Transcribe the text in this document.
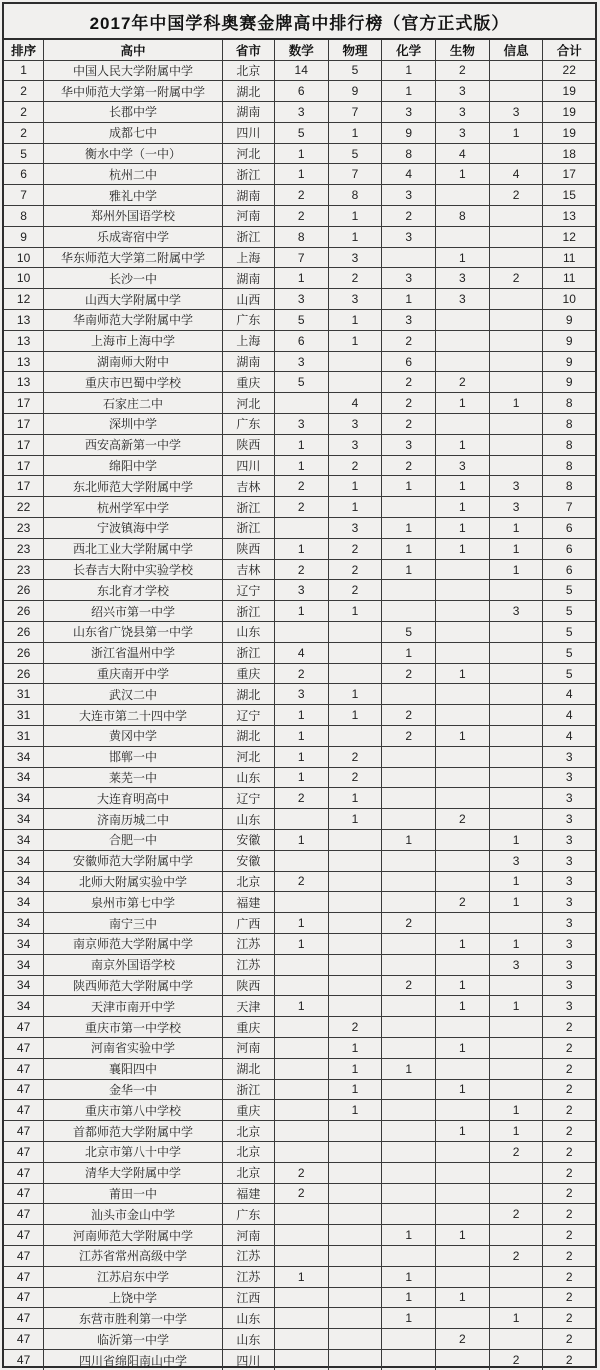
2017年中国学科奥赛金牌高中排行榜（官方正式版）
排序	高中	省市	数学	物理	化学	生物	信息	合计
1	中国人民大学附属中学	北京	14	5	1	2		22
2	华中师范大学第一附属中学	湖北	6	9	1	3		19
2	长郡中学	湖南	3	7	3	3	3	19
2	成都七中	四川	5	1	9	3	1	19
5	衡水中学（一中）	河北	1	5	8	4		18
6	杭州二中	浙江	1	7	4	1	4	17
7	雅礼中学	湖南	2	8	3		2	15
8	郑州外国语学校	河南	2	1	2	8		13
9	乐成寄宿中学	浙江	8	1	3			12
10	华东师范大学第二附属中学	上海	7	3		1		11
10	长沙一中	湖南	1	2	3	3	2	11
12	山西大学附属中学	山西	3	3	1	3		10
13	华南师范大学附属中学	广东	5	1	3			9
13	上海市上海中学	上海	6	1	2			9
13	湖南师大附中	湖南	3		6			9
13	重庆市巴蜀中学校	重庆	5		2	2		9
17	石家庄二中	河北		4	2	1	1	8
17	深圳中学	广东	3	3	2			8
17	西安高新第一中学	陕西	1	3	3	1		8
17	绵阳中学	四川	1	2	2	3		8
17	东北师范大学附属中学	吉林	2	1	1	1	3	8
22	杭州学军中学	浙江	2	1		1	3	7
23	宁波镇海中学	浙江		3	1	1	1	6
23	西北工业大学附属中学	陕西	1	2	1	1	1	6
23	长春吉大附中实验学校	吉林	2	2	1		1	6
26	东北育才学校	辽宁	3	2				5
26	绍兴市第一中学	浙江	1	1			3	5
26	山东省广饶县第一中学	山东			5			5
26	浙江省温州中学	浙江	4		1			5
26	重庆南开中学	重庆	2		2	1		5
31	武汉二中	湖北	3	1				4
31	大连市第二十四中学	辽宁	1	1	2			4
31	黄冈中学	湖北	1		2	1		4
34	邯郸一中	河北	1	2				3
34	莱芜一中	山东	1	2				3
34	大连育明高中	辽宁	2	1				3
34	济南历城二中	山东		1		2		3
34	合肥一中	安徽	1		1		1	3
34	安徽师范大学附属中学	安徽					3	3
34	北师大附属实验中学	北京	2				1	3
34	泉州市第七中学	福建				2	1	3
34	南宁三中	广西	1		2			3
34	南京师范大学附属中学	江苏	1			1	1	3
34	南京外国语学校	江苏					3	3
34	陕西师范大学附属中学	陕西			2	1		3
34	天津市南开中学	天津	1			1	1	3
47	重庆市第一中学校	重庆		2				2
47	河南省实验中学	河南		1		1		2
47	襄阳四中	湖北		1	1			2
47	金华一中	浙江		1		1		2
47	重庆市第八中学校	重庆		1			1	2
47	首都师范大学附属中学	北京				1	1	2
47	北京市第八十中学	北京					2	2
47	清华大学附属中学	北京	2					2
47	莆田一中	福建	2					2
47	汕头市金山中学	广东					2	2
47	河南师范大学附属中学	河南			1	1		2
47	江苏省常州高级中学	江苏					2	2
47	江苏启东中学	江苏	1		1			2
47	上饶中学	江西			1	1		2
47	东营市胜利第一中学	山东			1		1	2
47	临沂第一中学	山东				2		2
47	四川省绵阳南山中学	四川					2	2
